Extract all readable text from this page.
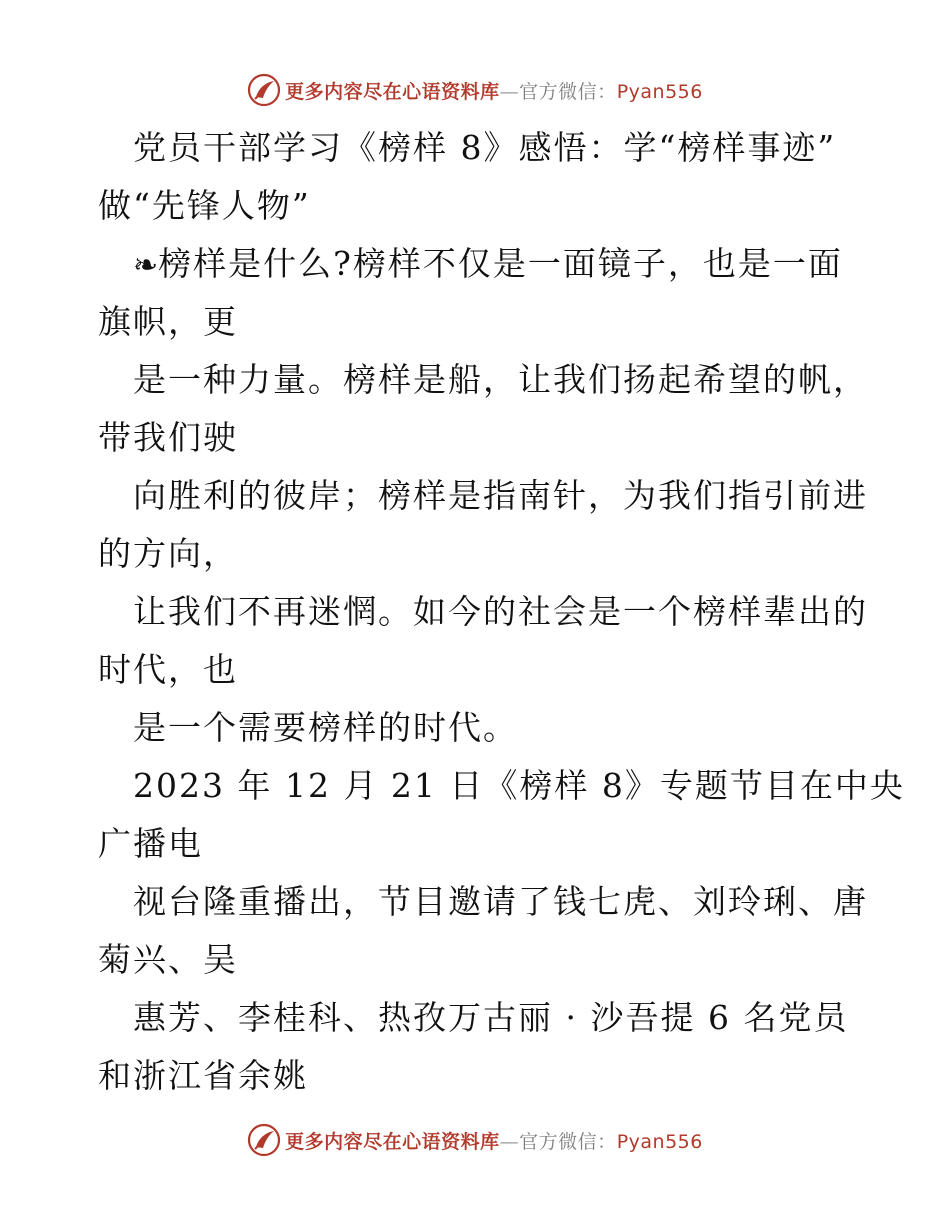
更多内容尽在心语资料库—官方微信：Pyan556
党员干部学习《榜样 8》感悟：学“榜样事迹”
做“先锋人物”
❧榜样是什么?榜样不仅是一面镜子，也是一面
旗帜，更
是一种力量。榜样是船，让我们扬起希望的帆，
带我们驶
向胜利的彼岸；榜样是指南针，为我们指引前进
的方向，
让我们不再迷惘。如今的社会是一个榜样辈出的
时代，也
是一个需要榜样的时代。
2023 年 12 月 21 日《榜样 8》专题节目在中央
广播电
视台隆重播出，节目邀请了钱七虎、刘玲琍、唐
菊兴、吴
惠芳、李桂科、热孜万古丽 · 沙吾提 6 名党员
和浙江省余姚
更多内容尽在心语资料库—官方微信：Pyan556
